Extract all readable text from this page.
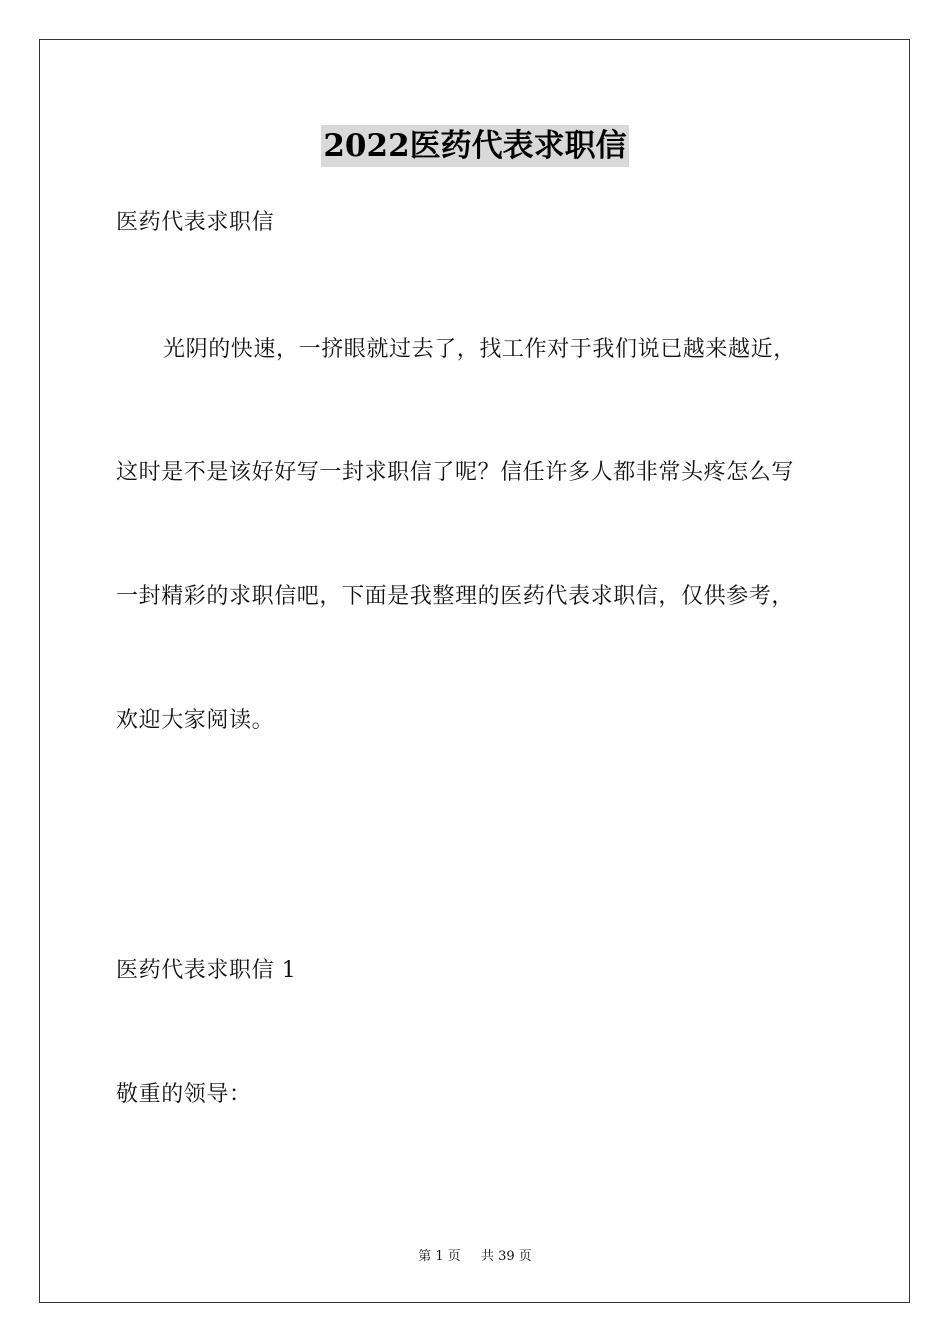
2022医药代表求职信
医药代表求职信
光阴的快速，一挤眼就过去了，找工作对于我们说已越来越近，
这时是不是该好好写一封求职信了呢？信任许多人都非常头疼怎么写
一封精彩的求职信吧，下面是我整理的医药代表求职信，仅供参考，
欢迎大家阅读。
医药代表求职信 1
敬重的领导：
第 1 页 共 39 页
